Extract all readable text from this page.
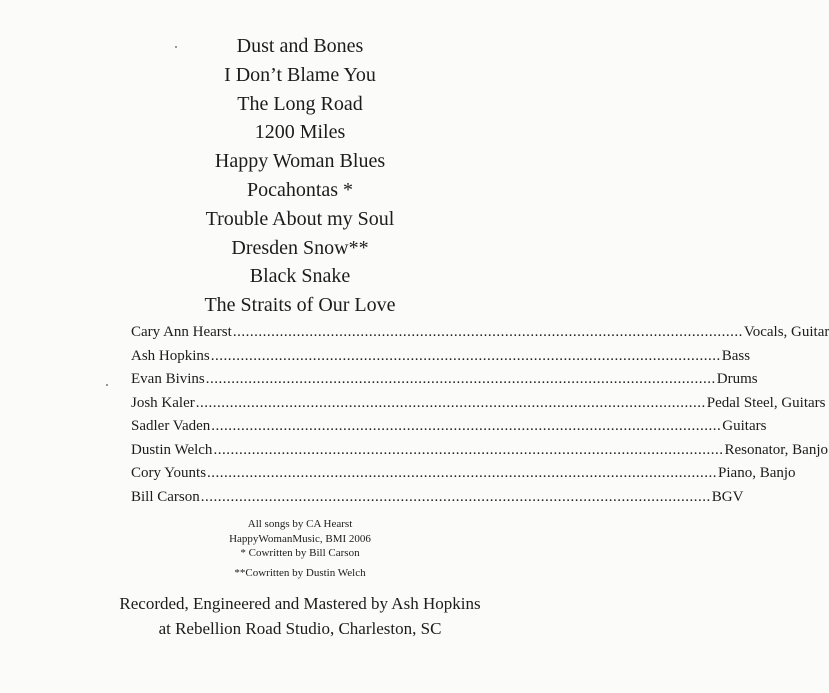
Dust and Bones
I Don’t Blame You
The Long Road
1200 Miles
Happy Woman Blues
Pocahontas *
Trouble About my Soul
Dresden Snow**
Black Snake
The Straits of Our Love
Cary Ann Hearst ........................................................................................................................ Vocals, Guitar
Ash Hopkins ........................................................................................................................ Bass
Evan Bivins ........................................................................................................................ Drums
Josh Kaler ........................................................................................................................ Pedal Steel, Guitars
Sadler Vaden ........................................................................................................................ Guitars
Dustin Welch ........................................................................................................................ Resonator, Banjo
Cory Younts ........................................................................................................................ Piano, Banjo
Bill Carson ........................................................................................................................ BGV
All songs by CA Hearst
HappyWomanMusic, BMI 2006
* Cowritten by Bill Carson
**Cowritten by Dustin Welch
Recorded, Engineered and Mastered by Ash Hopkins
at Rebellion Road Studio, Charleston, SC
